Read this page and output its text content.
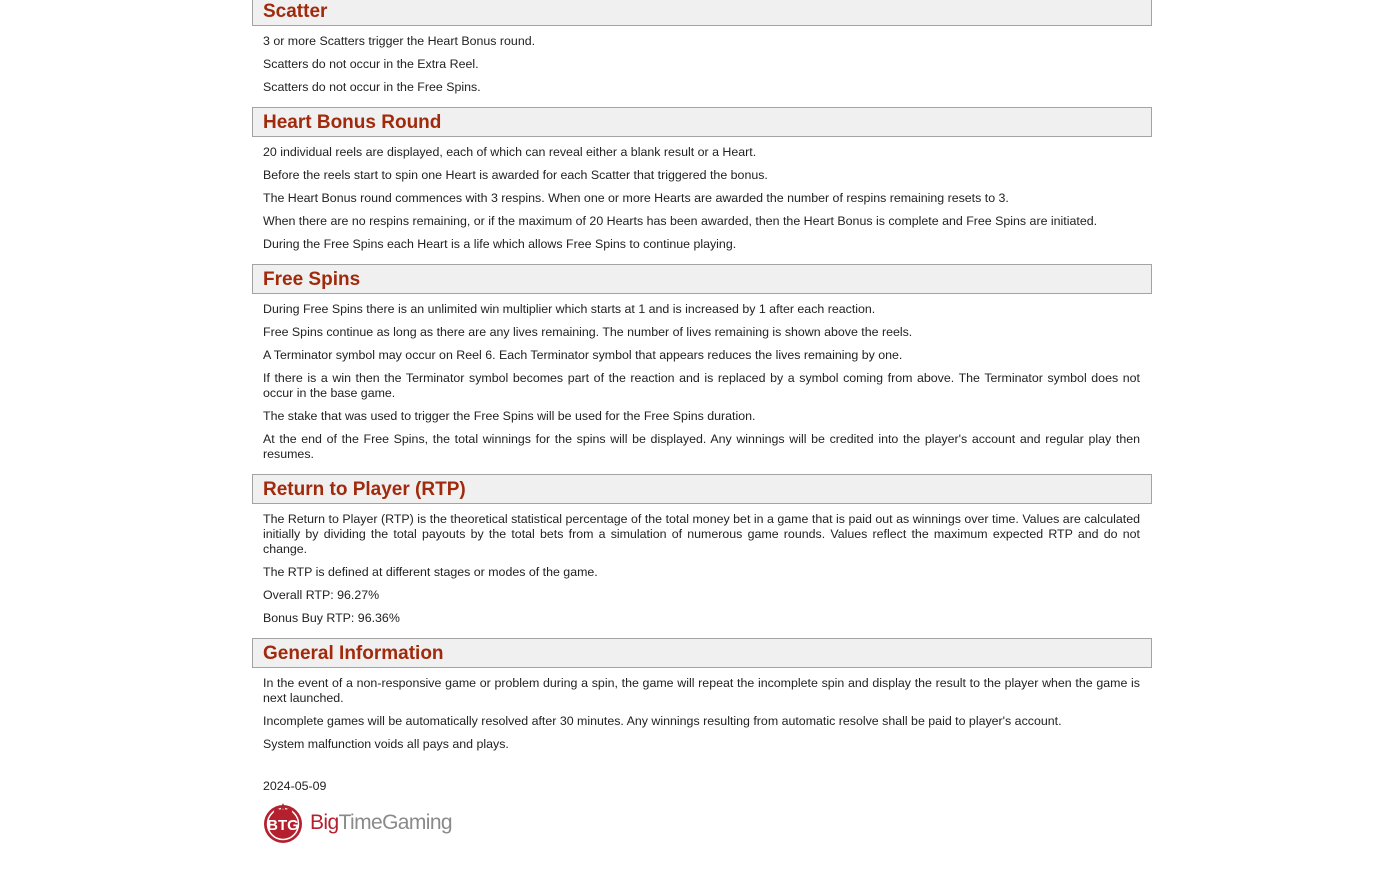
Scatter

3 or more Scatters trigger the Heart Bonus round.

Scatters do not occur in the Extra Reel.

Scatters do not occur in the Free Spins.

Heart Bonus Round

20 individual reels are displayed, each of which can reveal either a blank result or a Heart.

Before the reels start to spin one Heart is awarded for each Scatter that triggered the bonus.

The Heart Bonus round commences with 3 respins. When one or more Hearts are awarded the number of respins remaining resets to 3.

When there are no respins remaining, or if the maximum of 20 Hearts has been awarded, then the Heart Bonus is complete and Free Spins are initiated.

During the Free Spins each Heart is a life which allows Free Spins to continue playing.

Free Spins

During Free Spins there is an unlimited win multiplier which starts at 1 and is increased by 1 after each reaction.

Free Spins continue as long as there are any lives remaining. The number of lives remaining is shown above the reels.

A Terminator symbol may occur on Reel 6. Each Terminator symbol that appears reduces the lives remaining by one.

If there is a win then the Terminator symbol becomes part of the reaction and is replaced by a symbol coming from above. The Terminator symbol does not occur in the base game.

The stake that was used to trigger the Free Spins will be used for the Free Spins duration.

At the end of the Free Spins, the total winnings for the spins will be displayed. Any winnings will be credited into the player's account and regular play then resumes.

Return to Player (RTP)

The Return to Player (RTP) is the theoretical statistical percentage of the total money bet in a game that is paid out as winnings over time. Values are calculated initially by dividing the total payouts by the total bets from a simulation of numerous game rounds. Values reflect the maximum expected RTP and do not change.

The RTP is defined at different stages or modes of the game.

Overall RTP: 96.27%

Bonus Buy RTP: 96.36%

General Information

In the event of a non-responsive game or problem during a spin, the game will repeat the incomplete spin and display the result to the player when the game is next launched.

Incomplete games will be automatically resolved after 30 minutes. Any winnings resulting from automatic resolve shall be paid to player's account.

System malfunction voids all pays and plays.

2024-05-09
BTG Big Time Gaming
